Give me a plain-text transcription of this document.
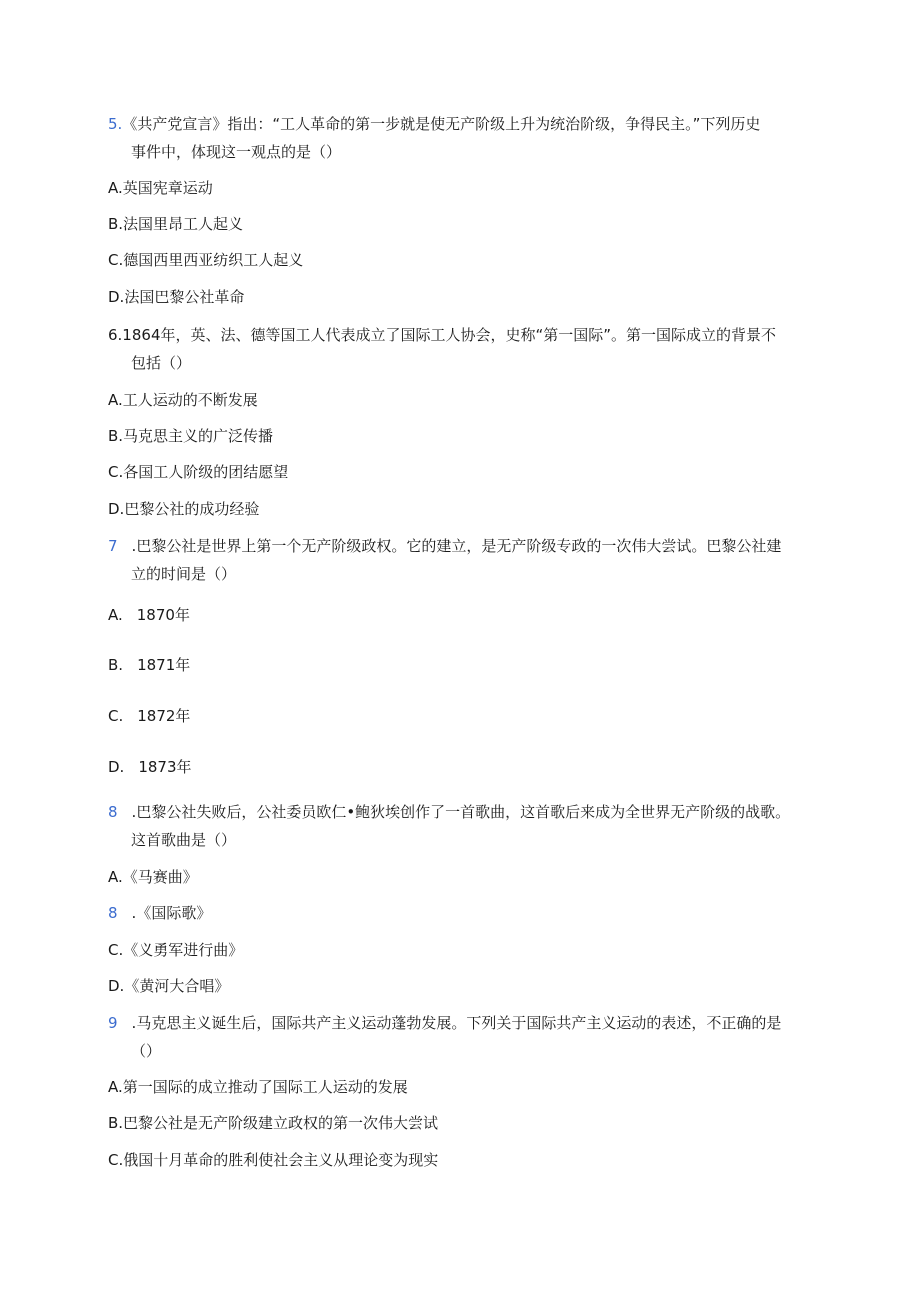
5.《共产党宣言》指出：“工人革命的第一步就是使无产阶级上升为统治阶级，争得民主。”下列历史
事件中，体现这一观点的是（）
A.英国宪章运动
B.法国里昂工人起义
C.德国西里西亚纺织工人起义
D.法国巴黎公社革命
6.1864年，英、法、德等国工人代表成立了国际工人协会，史称“第一国际”。第一国际成立的背景不
包括（）
A.工人运动的不断发展
B.马克思主义的广泛传播
C.各国工人阶级的团结愿望
D.巴黎公社的成功经验
7 .巴黎公社是世界上第一个无产阶级政权。它的建立，是无产阶级专政的一次伟大尝试。巴黎公社建
立的时间是（）
A. 1870年
B. 1871年
C. 1872年
D. 1873年
8 .巴黎公社失败后，公社委员欧仁•鲍狄埃创作了一首歌曲，这首歌后来成为全世界无产阶级的战歌。
这首歌曲是（）
A.《马赛曲》
8 .《国际歌》
C.《义勇军进行曲》
D.《黄河大合唱》
9 .马克思主义诞生后，国际共产主义运动蓬勃发展。下列关于国际共产主义运动的表述，不正确的是
（）
A.第一国际的成立推动了国际工人运动的发展
B.巴黎公社是无产阶级建立政权的第一次伟大尝试
C.俄国十月革命的胜利使社会主义从理论变为现实
